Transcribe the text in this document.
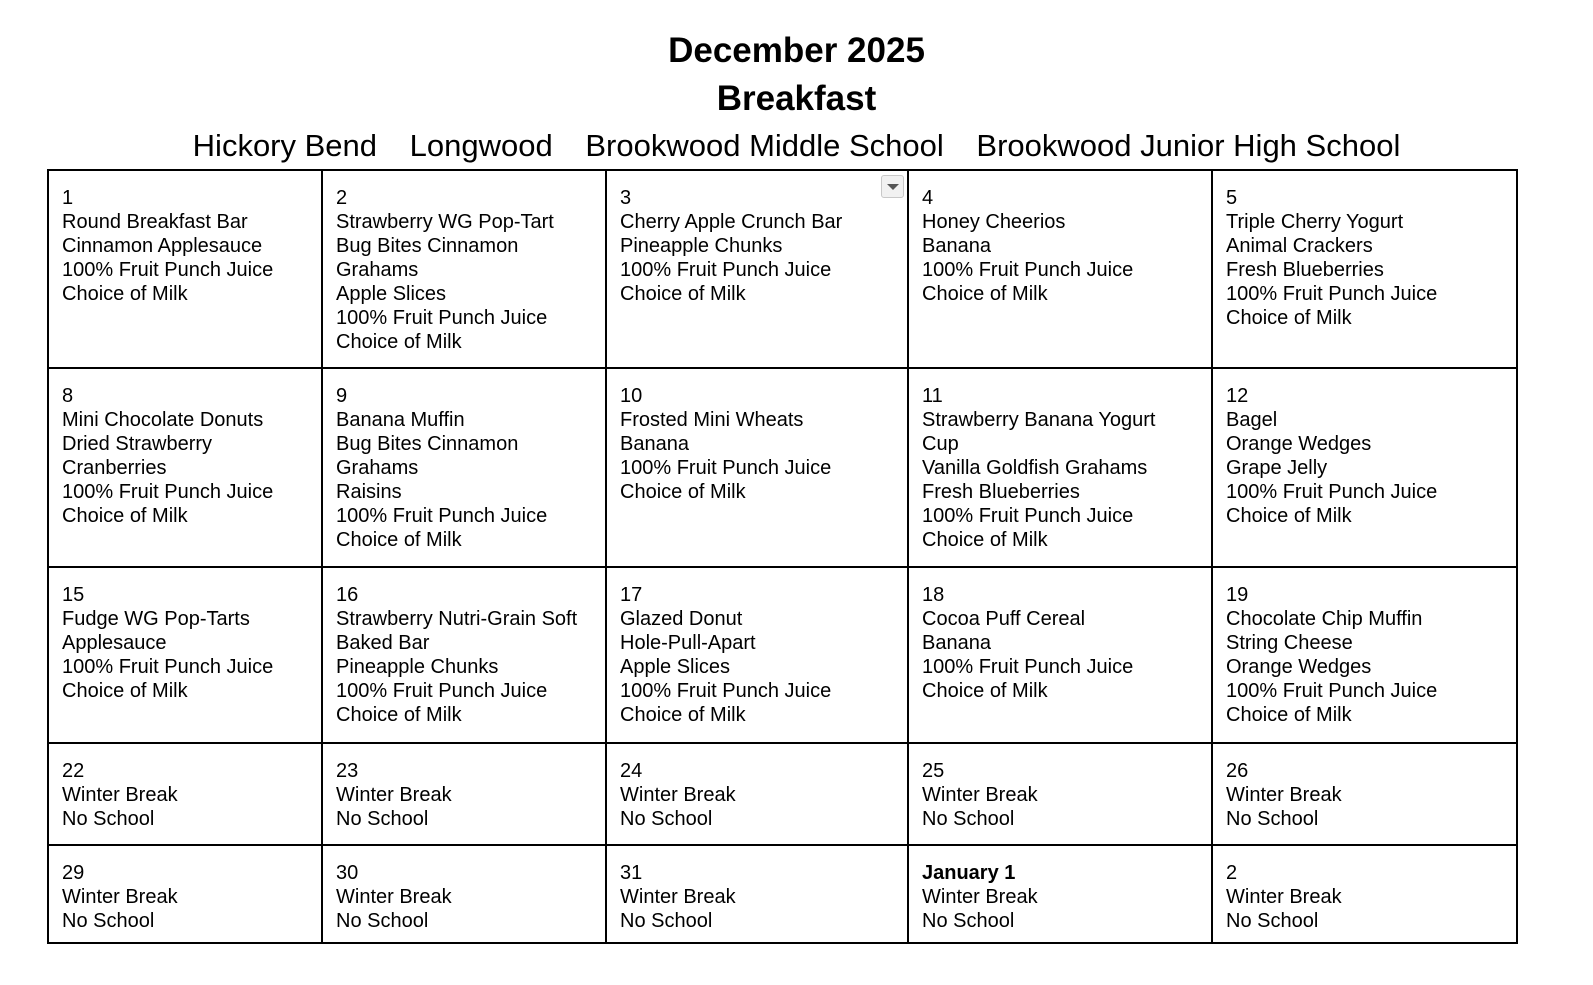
December 2025
Breakfast
Hickory Bend Longwood Brookwood Middle School Brookwood Junior High School
1
Round Breakfast Bar
Cinnamon Applesauce
100% Fruit Punch Juice
Choice of Milk
2
Strawberry WG Pop-Tart
Bug Bites Cinnamon
Grahams
Apple Slices
100% Fruit Punch Juice
Choice of Milk
3
Cherry Apple Crunch Bar
Pineapple Chunks
100% Fruit Punch Juice
Choice of Milk
4
Honey Cheerios
Banana
100% Fruit Punch Juice
Choice of Milk
5
Triple Cherry Yogurt
Animal Crackers
Fresh Blueberries
100% Fruit Punch Juice
Choice of Milk
8
Mini Chocolate Donuts
Dried Strawberry
Cranberries
100% Fruit Punch Juice
Choice of Milk
9
Banana Muffin
Bug Bites Cinnamon
Grahams
Raisins
100% Fruit Punch Juice
Choice of Milk
10
Frosted Mini Wheats
Banana
100% Fruit Punch Juice
Choice of Milk
11
Strawberry Banana Yogurt
Cup
Vanilla Goldfish Grahams
Fresh Blueberries
100% Fruit Punch Juice
Choice of Milk
12
Bagel
Orange Wedges
Grape Jelly
100% Fruit Punch Juice
Choice of Milk
15
Fudge WG Pop-Tarts
Applesauce
100% Fruit Punch Juice
Choice of Milk
16
Strawberry Nutri-Grain Soft
Baked Bar
Pineapple Chunks
100% Fruit Punch Juice
Choice of Milk
17
Glazed Donut
Hole-Pull-Apart
Apple Slices
100% Fruit Punch Juice
Choice of Milk
18
Cocoa Puff Cereal
Banana
100% Fruit Punch Juice
Choice of Milk
19
Chocolate Chip Muffin
String Cheese
Orange Wedges
100% Fruit Punch Juice
Choice of Milk
22
Winter Break
No School
23
Winter Break
No School
24
Winter Break
No School
25
Winter Break
No School
26
Winter Break
No School
29
Winter Break
No School
30
Winter Break
No School
31
Winter Break
No School
January 1
Winter Break
No School
2
Winter Break
No School
